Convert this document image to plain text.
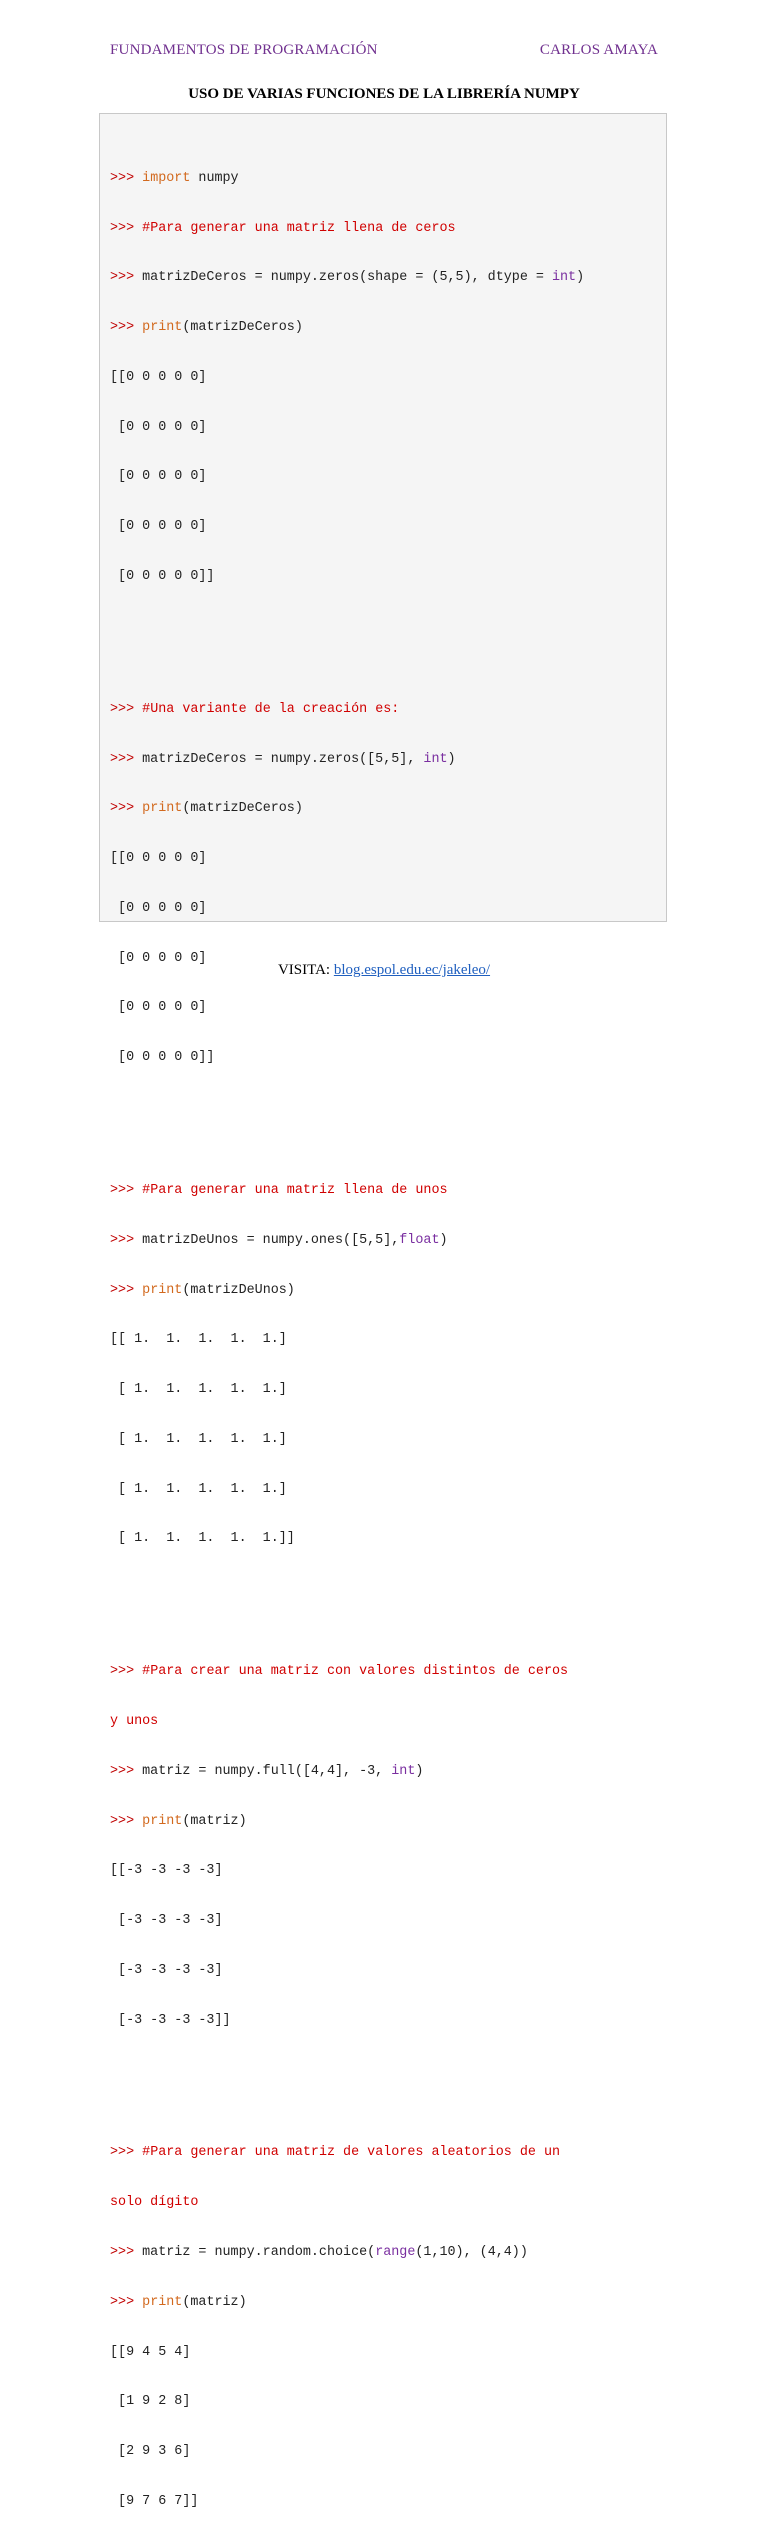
FUNDAMENTOS DE PROGRAMACIÓN	CARLOS AMAYA
USO DE VARIAS FUNCIONES DE LA LIBRERÍA NUMPY

>>> import numpy

>>> #Para generar una matriz llena de ceros

>>> matrizDeCeros = numpy.zeros(shape = (5,5), dtype = int)

>>> print(matrizDeCeros)

[[0 0 0 0 0]

[0 0 0 0 0]

[0 0 0 0 0]

[0 0 0 0 0]

[0 0 0 0 0]]

>>> #Una variante de la creación es:

>>> matrizDeCeros = numpy.zeros([5,5], int)

>>> print(matrizDeCeros)

[[0 0 0 0 0]

[0 0 0 0 0]

[0 0 0 0 0]

[0 0 0 0 0]

[0 0 0 0 0]]

>>> #Para generar una matriz llena de unos

>>> matrizDeUnos = numpy.ones([5,5],float)

>>> print(matrizDeUnos)

[[ 1.  1.  1.  1.  1.]

[ 1.  1.  1.  1.  1.]

[ 1.  1.  1.  1.  1.]

[ 1.  1.  1.  1.  1.]

[ 1.  1.  1.  1.  1.]]

>>> #Para crear una matriz con valores distintos de ceros

y unos

>>> matriz = numpy.full([4,4], -3, int)

>>> print(matriz)

[[-3 -3 -3 -3]

[-3 -3 -3 -3]

[-3 -3 -3 -3]

[-3 -3 -3 -3]]

>>> #Para generar una matriz de valores aleatorios de un

solo dígito

>>> matriz = numpy.random.choice(range(1,10), (4,4))

>>> print(matriz)

[[9 4 5 4]

[1 9 2 8]

[2 9 3 6]

[9 7 6 7]]

VISITA: blog.espol.edu.ec/jakeleo/
